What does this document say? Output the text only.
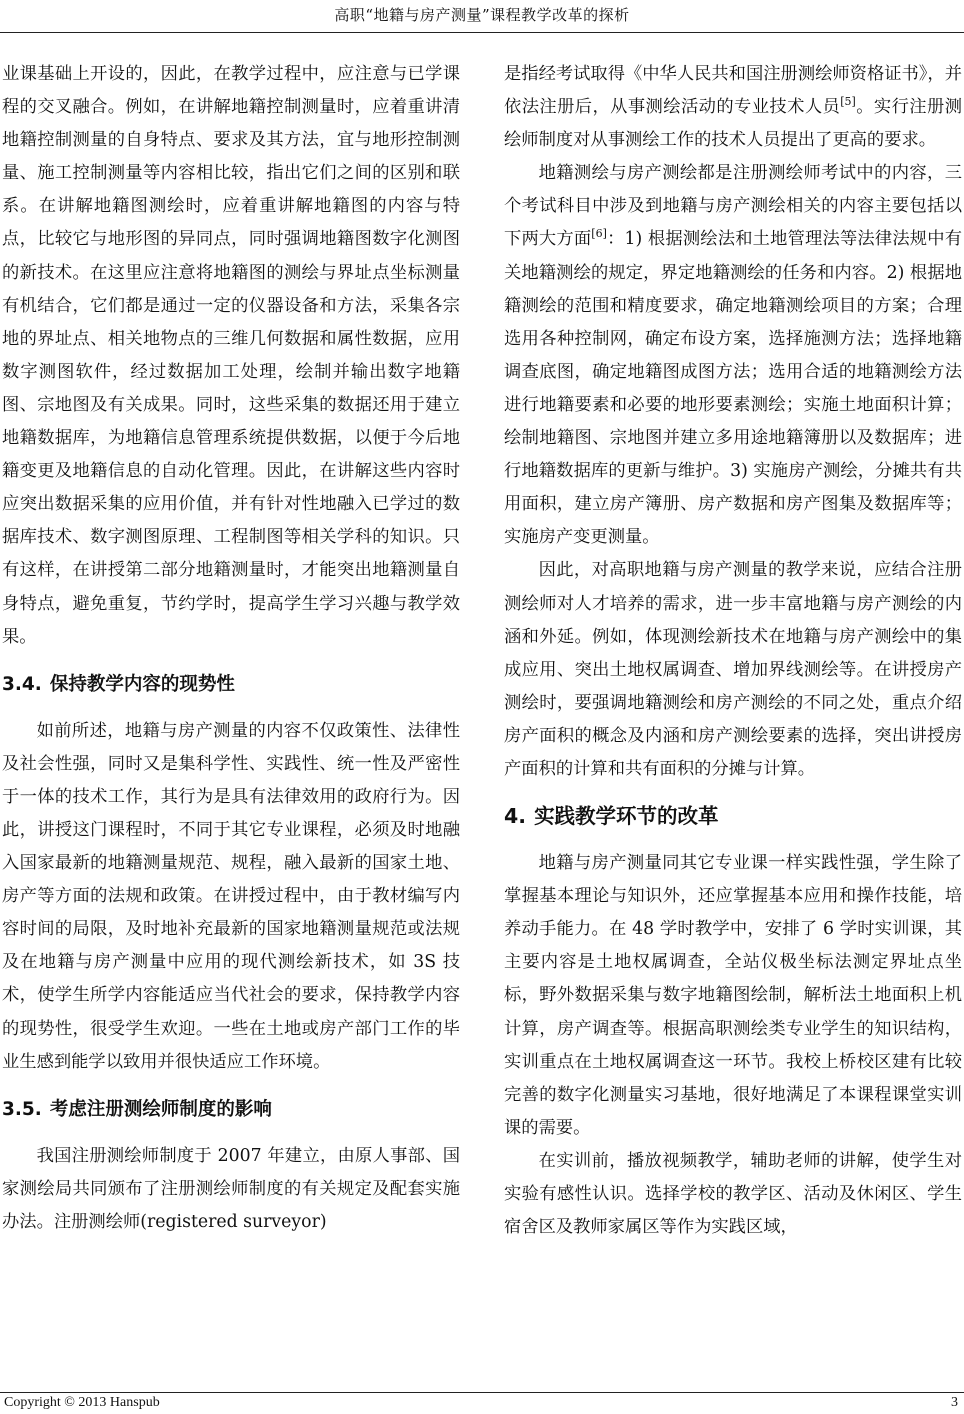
高职“地籍与房产测量”课程教学改革的探析

业课基础上开设的，因此，在教学过程中，应注意与已学课程的交叉融合。例如，在讲解地籍控制测量时，应着重讲清地籍控制测量的自身特点、要求及其方法，宜与地形控制测量、施工控制测量等内容相比较，指出它们之间的区别和联系。在讲解地籍图测绘时，应着重讲解地籍图的内容与特点，比较它与地形图的异同点，同时强调地籍图数字化测图的新技术。在这里应注意将地籍图的测绘与界址点坐标测量有机结合，它们都是通过一定的仪器设备和方法，采集各宗地的界址点、相关地物点的三维几何数据和属性数据，应用数字测图软件，经过数据加工处理，绘制并输出数字地籍图、宗地图及有关成果。同时，这些采集的数据还用于建立地籍数据库，为地籍信息管理系统提供数据，以便于今后地籍变更及地籍信息的自动化管理。因此，在讲解这些内容时应突出数据采集的应用价值，并有针对性地融入已学过的数据库技术、数字测图原理、工程制图等相关学科的知识。只有这样，在讲授第二部分地籍测量时，才能突出地籍测量自身特点，避免重复，节约学时，提高学生学习兴趣与教学效果。

3.4. 保持教学内容的现势性

如前所述，地籍与房产测量的内容不仅政策性、法律性及社会性强，同时又是集科学性、实践性、统一性及严密性于一体的技术工作，其行为是具有法律效用的政府行为。因此，讲授这门课程时，不同于其它专业课程，必须及时地融入国家最新的地籍测量规范、规程，融入最新的国家土地、房产等方面的法规和政策。在讲授过程中，由于教材编写内容时间的局限，及时地补充最新的国家地籍测量规范或法规及在地籍与房产测量中应用的现代测绘新技术，如 3S 技术，使学生所学内容能适应当代社会的要求，保持教学内容的现势性，很受学生欢迎。一些在土地或房产部门工作的毕业生感到能学以致用并很快适应工作环境。

3.5. 考虑注册测绘师制度的影响

我国注册测绘师制度于 2007 年建立，由原人事部、国家测绘局共同颁布了注册测绘师制度的有关规定及配套实施办法。注册测绘师(registered surveyor)

是指经考试取得《中华人民共和国注册测绘师资格证书》，并依法注册后，从事测绘活动的专业技术人员[5]。实行注册测绘师制度对从事测绘工作的技术人员提出了更高的要求。

地籍测绘与房产测绘都是注册测绘师考试中的内容，三个考试科目中涉及到地籍与房产测绘相关的内容主要包括以下两大方面[6]：1) 根据测绘法和土地管理法等法律法规中有关地籍测绘的规定，界定地籍测绘的任务和内容。2) 根据地籍测绘的范围和精度要求，确定地籍测绘项目的方案；合理选用各种控制网，确定布设方案，选择施测方法；选择地籍调查底图，确定地籍图成图方法；选用合适的地籍测绘方法进行地籍要素和必要的地形要素测绘；实施土地面积计算；绘制地籍图、宗地图并建立多用途地籍簿册以及数据库；进行地籍数据库的更新与维护。3) 实施房产测绘，分摊共有共用面积，建立房产簿册、房产数据和房产图集及数据库等；实施房产变更测量。

因此，对高职地籍与房产测量的教学来说，应结合注册测绘师对人才培养的需求，进一步丰富地籍与房产测绘的内涵和外延。例如，体现测绘新技术在地籍与房产测绘中的集成应用、突出土地权属调查、增加界线测绘等。在讲授房产测绘时，要强调地籍测绘和房产测绘的不同之处，重点介绍房产面积的概念及内涵和房产测绘要素的选择，突出讲授房产面积的计算和共有面积的分摊与计算。

4. 实践教学环节的改革

地籍与房产测量同其它专业课一样实践性强，学生除了掌握基本理论与知识外，还应掌握基本应用和操作技能，培养动手能力。在 48 学时教学中，安排了 6 学时实训课，其主要内容是土地权属调查，全站仪极坐标法测定界址点坐标，野外数据采集与数字地籍图绘制，解析法土地面积上机计算，房产调查等。根据高职测绘类专业学生的知识结构，实训重点在土地权属调查这一环节。我校上桥校区建有比较完善的数字化测量实习基地，很好地满足了本课程课堂实训课的需要。

在实训前，播放视频教学，辅助老师的讲解，使学生对实验有感性认识。选择学校的教学区、活动及休闲区、学生宿舍区及教师家属区等作为实践区域，

Copyright © 2013 Hanspub	3
